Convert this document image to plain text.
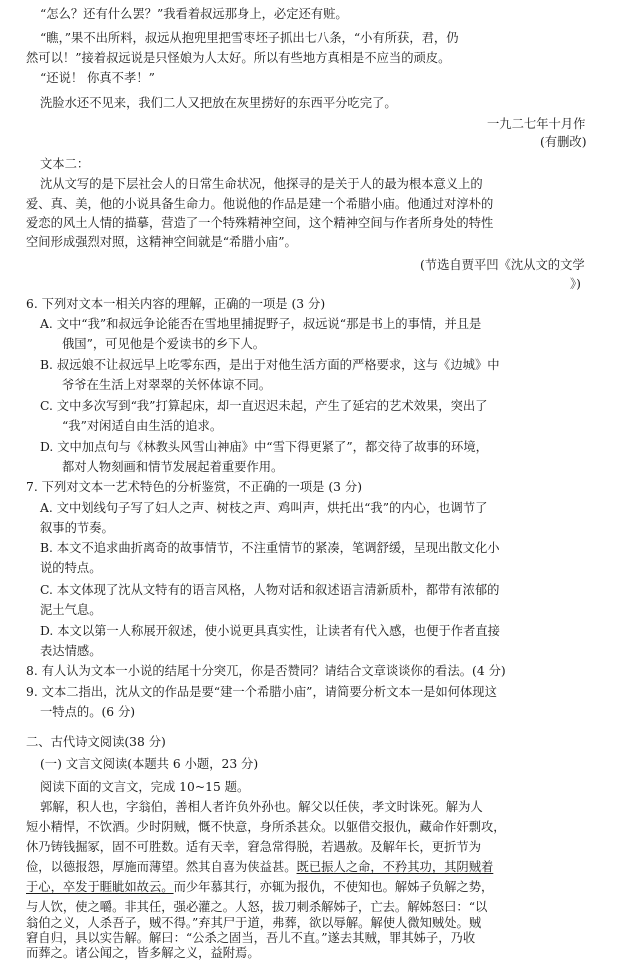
“怎么？还有什么罢？”我看着叔远那身上，必定还有赃。
“瞧，”果不出所料，叔远从抱兜里把雪枣坯子抓出七八条，“小有所获，君，仍
然可以！”接着叔远说是只怪娘为人太好。所以有些地方真相是不应当的顽皮。
“还说！ 你真不孝！”
洗脸水还不见来，我们二人又把放在灰里捞好的东西平分吃完了。
一九二七年十月作
(有删改)
文本二：
沈从文写的是下层社会人的日常生命状况，他探寻的是关于人的最为根本意义上的
爱、真、美，他的小说具备生命力。他说他的作品是建一个希腊小庙。他通过对淳朴的
爱恋的风土人情的描摹，营造了一个特殊精神空间，这个精神空间与作者所身处的特性
空间形成强烈对照，这精神空间就是“希腊小庙”。
(节选自贾平凹《沈从文的文学
》)
6. 下列对文本一相关内容的理解，正确的一项是 (3 分)
A. 文中“我”和叔远争论能否在雪地里捕捉野子，叔远说“那是书上的事情，并且是
俄国”，可见他是个爱读书的乡下人。
B. 叔远娘不让叔远早上吃零东西，是出于对他生活方面的严格要求，这与《边城》中
爷爷在生活上对翠翠的关怀体谅不同。
C. 文中多次写到“我”打算起床，却一直迟迟未起，产生了延宕的艺术效果，突出了
“我”对闲适自由生活的追求。
D. 文中加点句与《林教头风雪山神庙》中“雪下得更紧了”，都交待了故事的环境，
都对人物刻画和情节发展起着重要作用。
7. 下列对文本一艺术特色的分析鉴赏，不正确的一项是 (3 分)
A. 文中划线句子写了妇人之声、树枝之声、鸡叫声，烘托出“我”的内心，也调节了
叙事的节奏。
B. 本文不追求曲折离奇的故事情节，不注重情节的紧凑，笔调舒缓，呈现出散文化小
说的特点。
C. 本文体现了沈从文特有的语言风格，人物对话和叙述语言清新质朴，都带有浓郁的
泥土气息。
D. 本文以第一人称展开叙述，使小说更具真实性，让读者有代入感，也便于作者直接
表达情感。
8. 有人认为文本一小说的结尾十分突兀，你是否赞同？请结合文章谈谈你的看法。(4 分)
9. 文本二指出，沈从文的作品是要“建一个希腊小庙”，请简要分析文本一是如何体现这
一特点的。(6 分)
二、古代诗文阅读(38 分)
(一) 文言文阅读(本题共 6 小题，23 分)
阅读下面的文言文，完成 10~15 题。
郭解，积人也，字翁伯，善相人者许负外孙也。解父以任侠，孝文时诛死。解为人
短小精悍，不饮酒。少时阴贼，慨不快意，身所杀甚众。以躯借交报仇，藏命作奸剽攻，
休乃铸钱掘冢，固不可胜数。适有天幸，窘急常得脱，若遇赦。及解年长，更折节为
俭，以德报怨，厚施而薄望。然其自喜为侠益甚。既已振人之命，不矜其功，其阴贼着
于心，卒发于睚眦如故云。而少年慕其行，亦辄为报仇，不使知也。解姊子负解之势，
与人饮，使之嚼。非其任，强必灌之。人怒，拔刀刺杀解姊子，亡去。解姊怒曰：“以
翁伯之义，人杀吾子，贼不得。”弃其尸于道，弗葬，欲以辱解。解使人微知贼处。贼
窘自归，具以实告解。解曰：“公杀之固当，吾儿不直。”遂去其贼，罪其姊子，乃收
而葬之。诸公闻之，皆多解之义，益附焉。
